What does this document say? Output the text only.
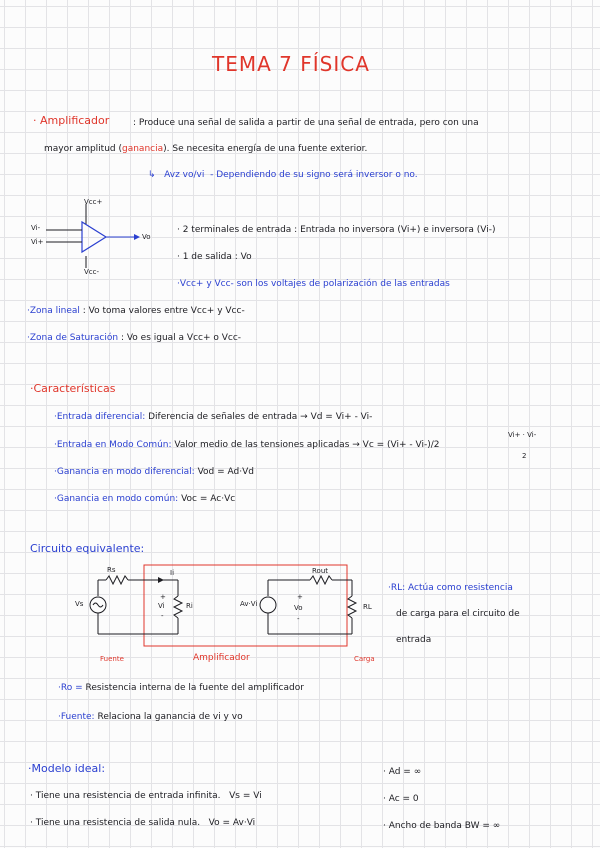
TEMA 7 FÍSICA
· Amplificador	: Produce una señal de salida a partir de una señal de entrada, pero con una
mayor amplitud (ganancia). Se necesita energía de una fuente exterior.
↳ Avz vo/vi - Dependiendo de su signo será inversor o no.
Vcc+
Vcc-
Vi-
Vi+
Vo
· 2 terminales de entrada : Entrada no inversora (Vi+) e inversora (Vi-)
· 1 de salida : Vo
·Vcc+ y Vcc- son los voltajes de polarización de las entradas
·Zona lineal : Vo toma valores entre Vcc+ y Vcc-
·Zona de Saturación : Vo es igual a Vcc+ o Vcc-
·Características
·Entrada diferencial: Diferencia de señales de entrada → Vd = Vi+ - Vi-
·Entrada en Modo Común: Valor medio de las tensiones aplicadas → Vc = (Vi+ - Vi-)/2
Vi+ · Vi-
2
·Ganancia en modo diferencial: Vod = Ad·Vd
·Ganancia en modo común: Voc = Ac·Vc
Circuito equivalente:
Vs
Rs	Ii
+
Vi
-
Ri	Av·Vi
Rout
+
Vo
-
RL
Fuente	Amplificador	Carga
·RL: Actúa como resistencia
de carga para el circuito de
entrada
·Ro = Resistencia interna de la fuente del amplificador
·Fuente: Relaciona la ganancia de vi y vo
·Modelo ideal:
· Tiene una resistencia de entrada infinita. Vs = Vi
· Tiene una resistencia de salida nula. Vo = Av·Vi
· Ad = ∞
· Ac = 0
· Ancho de banda BW = ∞
